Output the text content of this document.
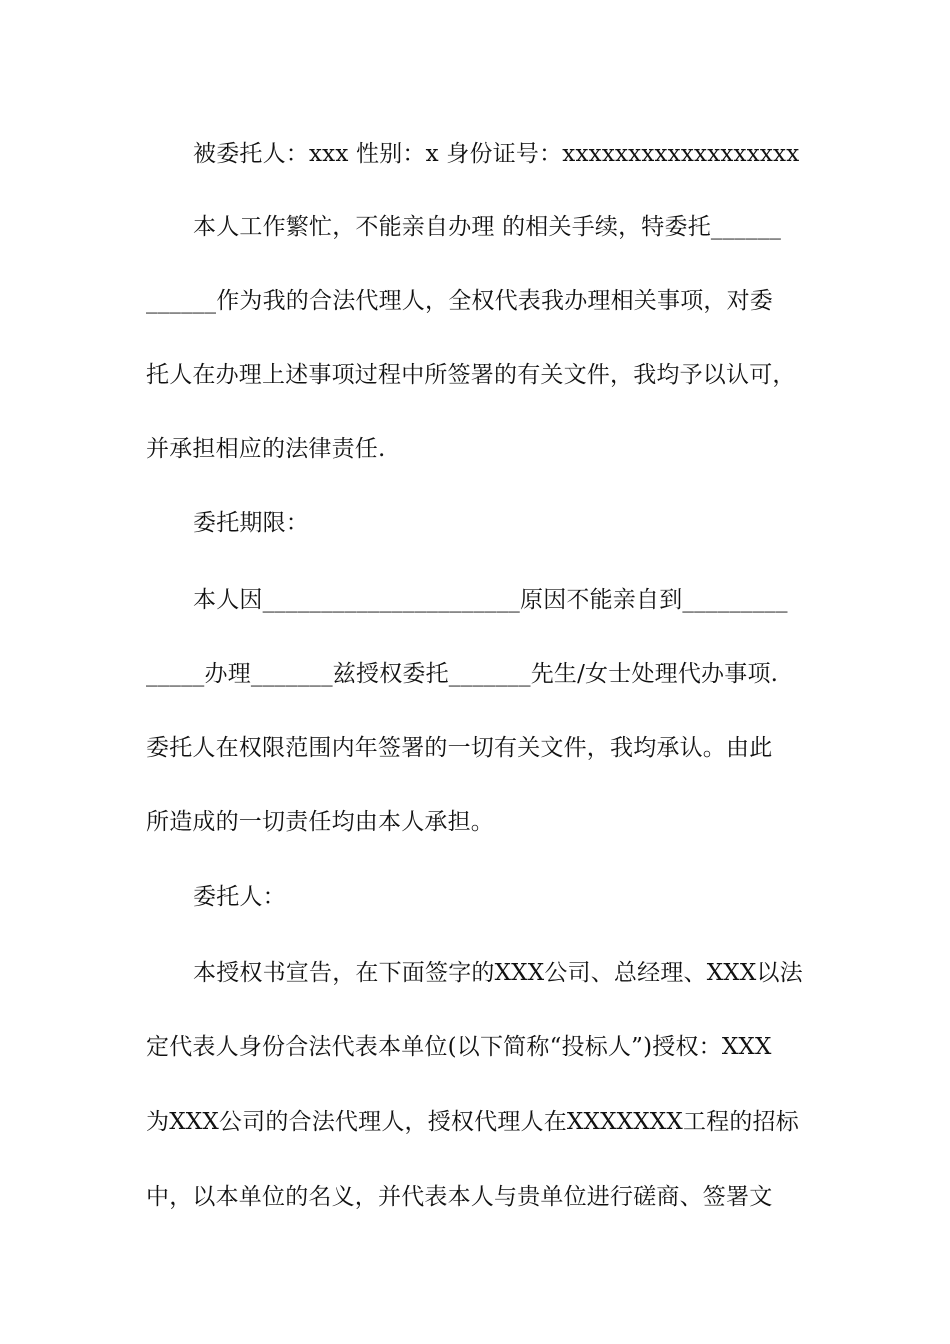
被委托人：xxx 性别：x 身份证号：xxxxxxxxxxxxxxxxxx
本人工作繁忙，不能亲自办理 的相关手续，特委托______
______作为我的合法代理人，全权代表我办理相关事项，对委
托人在办理上述事项过程中所签署的有关文件，我均予以认可，
并承担相应的法律责任.
委托期限：
本人因______________________原因不能亲自到_________
_____办理_______兹授权委托_______先生/女士处理代办事项.
委托人在权限范围内年签署的一切有关文件，我均承认。由此
所造成的一切责任均由本人承担。
委托人：
本授权书宣告，在下面签字的XXX公司、总经理、XXX以法
定代表人身份合法代表本单位(以下简称“投标人”)授权：XXX
为XXX公司的合法代理人，授权代理人在XXXXXXX工程的招标
中，以本单位的名义，并代表本人与贵单位进行磋商、签署文
